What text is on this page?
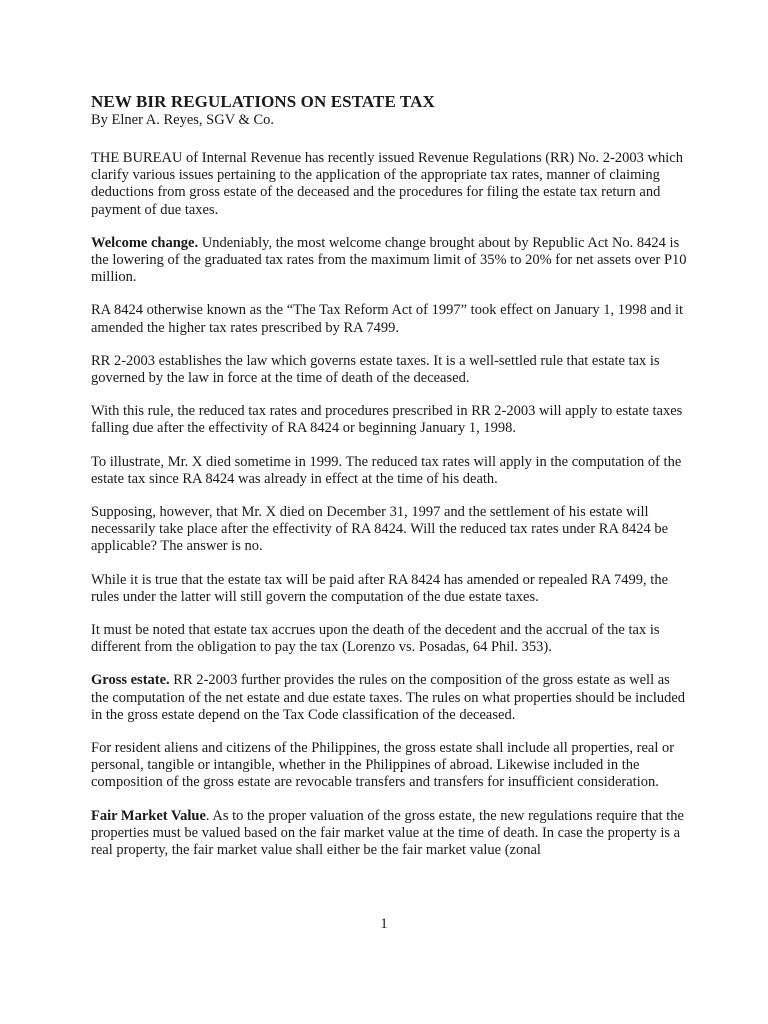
NEW BIR REGULATIONS ON ESTATE TAX

By Elner A. Reyes, SGV & Co.

THE BUREAU of Internal Revenue has recently issued Revenue Regulations (RR) No. 2-2003 which clarify various issues pertaining to the application of the appropriate tax rates, manner of claiming deductions from gross estate of the deceased and the procedures for filing the estate tax return and payment of due taxes.

Welcome change. Undeniably, the most welcome change brought about by Republic Act No. 8424 is the lowering of the graduated tax rates from the maximum limit of 35% to 20% for net assets over P10 million.

RA 8424 otherwise known as the “The Tax Reform Act of 1997” took effect on January 1, 1998 and it amended the higher tax rates prescribed by RA 7499.

RR 2-2003 establishes the law which governs estate taxes. It is a well-settled rule that estate tax is governed by the law in force at the time of death of the deceased.

With this rule, the reduced tax rates and procedures prescribed in RR 2-2003 will apply to estate taxes falling due after the effectivity of RA 8424 or beginning January 1, 1998.

To illustrate, Mr. X died sometime in 1999. The reduced tax rates will apply in the computation of the estate tax since RA 8424 was already in effect at the time of his death.

Supposing, however, that Mr. X died on December 31, 1997 and the settlement of his estate will necessarily take place after the effectivity of RA 8424. Will the reduced tax rates under RA 8424 be applicable? The answer is no.

While it is true that the estate tax will be paid after RA 8424 has amended or repealed RA 7499, the rules under the latter will still govern the computation of the due estate taxes.

It must be noted that estate tax accrues upon the death of the decedent and the accrual of the tax is different from the obligation to pay the tax (Lorenzo vs. Posadas, 64 Phil. 353).

Gross estate. RR 2-2003 further provides the rules on the composition of the gross estate as well as the computation of the net estate and due estate taxes. The rules on what properties should be included in the gross estate depend on the Tax Code classification of the deceased.

For resident aliens and citizens of the Philippines, the gross estate shall include all properties, real or personal, tangible or intangible, whether in the Philippines of abroad. Likewise included in the composition of the gross estate are revocable transfers and transfers for insufficient consideration.

Fair Market Value. As to the proper valuation of the gross estate, the new regulations require that the properties must be valued based on the fair market value at the time of death. In case the property is a real property, the fair market value shall either be the fair market value (zonal

1
